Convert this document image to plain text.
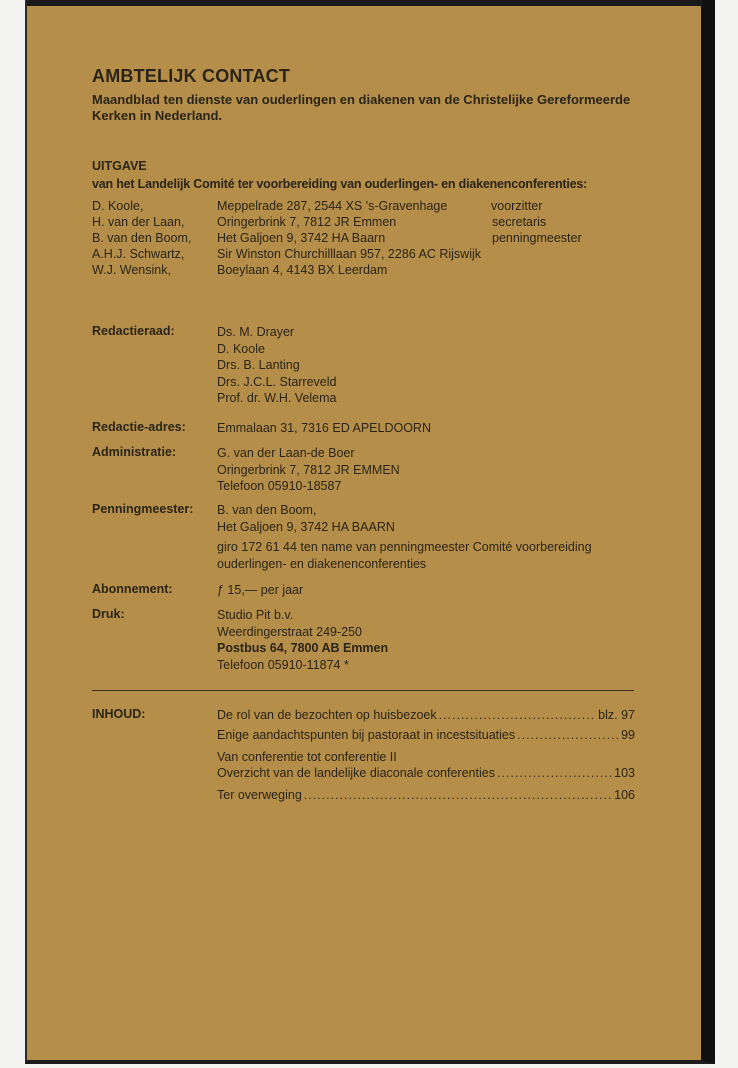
AMBTELIJK CONTACT
Maandblad ten dienste van ouderlingen en diakenen van de Christelijke Gereformeerde Kerken in Nederland.
UITGAVE
van het Landelijk Comité ter voorbereiding van ouderlingen- en diakenenconferenties:
D. Koole,	Meppelrade 287, 2544 XS 's-Gravenhage	voorzitter
H. van der Laan,	Oringerbrink 7, 7812 JR Emmen	secretaris
B. van den Boom, Het Galjoen 9, 3742 HA Baarn	penningmeester
A.H.J. Schwartz,	Sir Winston Churchilllaan 957, 2286 AC Rijswijk
W.J. Wensink,	Boeylaan 4, 4143 BX Leerdam
Redactieraad:	Ds. M. Drayer
D. Koole
Drs. B. Lanting
Drs. J.C.L. Starreveld
Prof. dr. W.H. Velema
Redactie-adres: Emmalaan 31, 7316 ED APELDOORN
Administratie:	G. van der Laan-de Boer
Oringerbrink 7, 7812 JR EMMEN
Telefoon 05910-18587
Penningmeester: B. van den Boom,
Het Galjoen 9, 3742 HA BAARN
giro 172 61 44 ten name van penningmeester Comité voorbereiding ouderlingen- en diakenenconferenties
Abonnement:	ƒ 15,— per jaar
Druk:	Studio Pit b.v.
Weerdingerstraat 249-250
Postbus 64, 7800 AB Emmen
Telefoon 05910-11874 *
INHOUD:	De rol van de bezochten op huisbezoek .....	blz. 97
Enige aandachtspunten bij pastoraat in incestsituaties .....	99
Van conferentie tot conferentie II
Overzicht van de landelijke diaconale conferenties .....	103
Ter overweging .....	106
